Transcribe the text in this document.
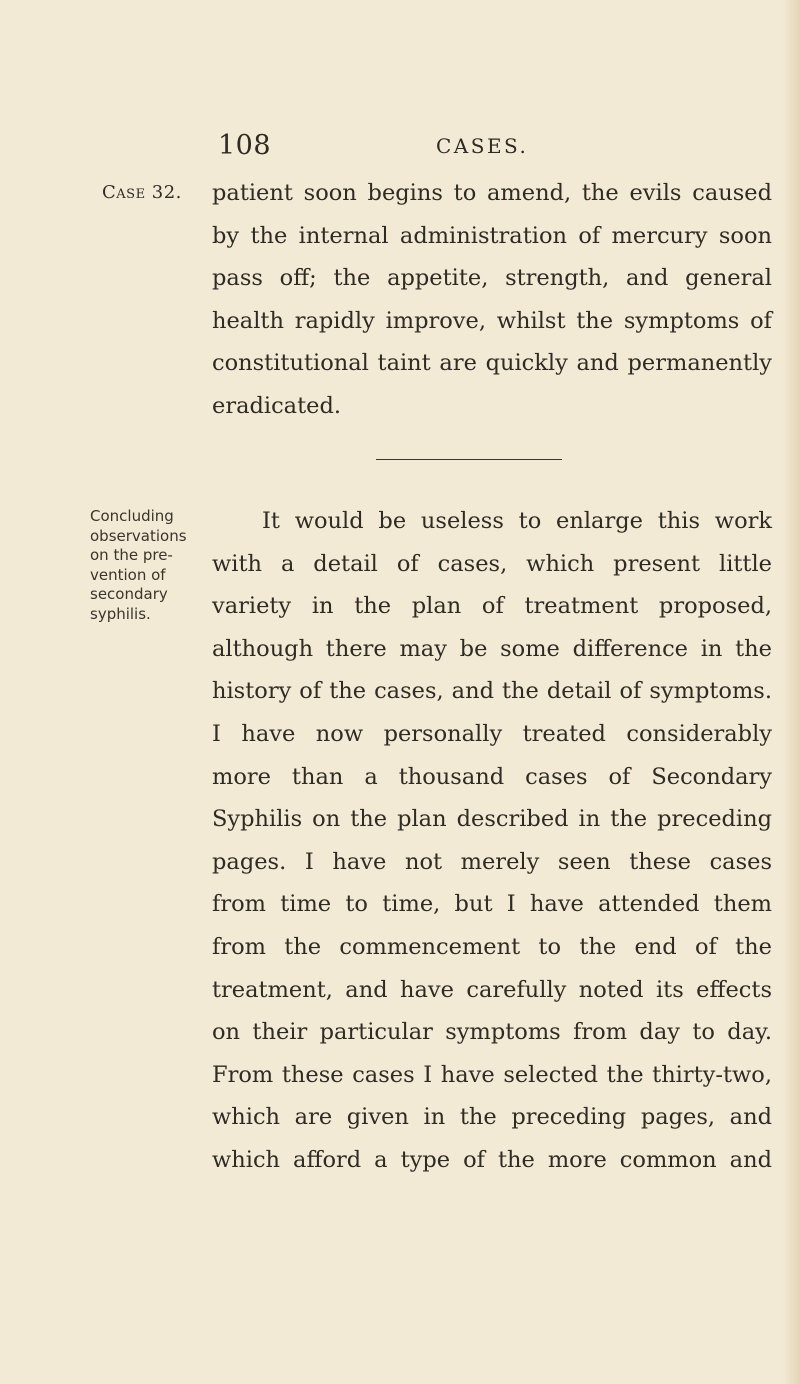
108	CASES.
Case 32. patient soon begins to amend, the evils caused
by the internal administration of mercury soon
pass off; the appetite, strength, and general
health rapidly improve, whilst the symptoms of
constitutional taint are quickly and permanently
eradicated.
Concluding
observations
on the pre-
vention of
secondary
syphilis.
It would be useless to enlarge this work
with a detail of cases, which present little
variety in the plan of treatment proposed,
although there may be some difference in the
history of the cases, and the detail of symptoms.
I have now personally treated considerably
more than a thousand cases of Secondary
Syphilis on the plan described in the preceding
pages. I have not merely seen these cases
from time to time, but I have attended them
from the commencement to the end of the
treatment, and have carefully noted its effects
on their particular symptoms from day to day.
From these cases I have selected the thirty-two,
which are given in the preceding pages, and
which afford a type of the more common and
